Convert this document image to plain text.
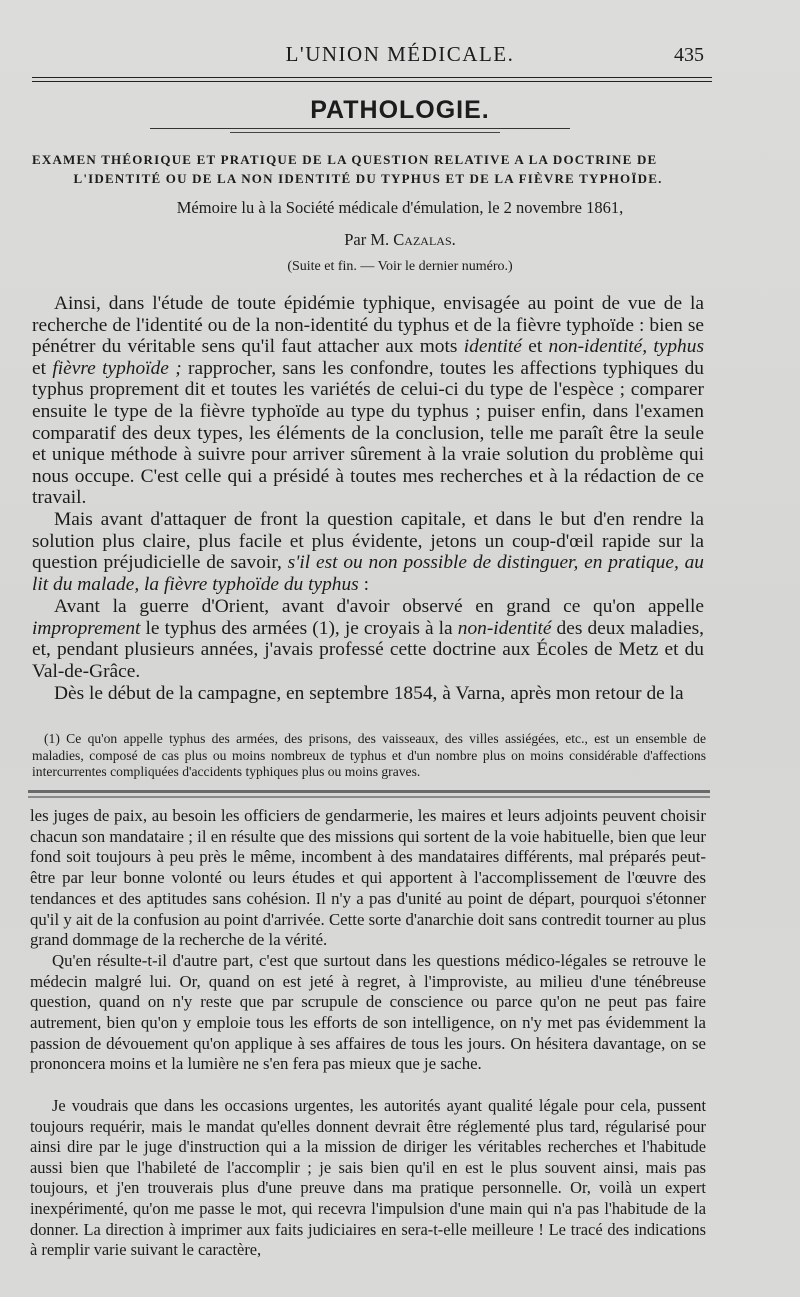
L'UNION MÉDICALE.	435
PATHOLOGIE.
EXAMEN THÉORIQUE ET PRATIQUE DE LA QUESTION RELATIVE A LA DOCTRINE DE
L'IDENTITÉ OU DE LA NON IDENTITÉ DU TYPHUS ET DE LA FIÈVRE TYPHOÏDE.
Mémoire lu à la Société médicale d'émulation, le 2 novembre 1861,
Par M. Cazalas.
(Suite et fin. — Voir le dernier numéro.)

Ainsi, dans l'étude de toute épidémie typhique, envisagée au point de vue de la recherche de l'identité ou de la non-identité du typhus et de la fièvre typhoïde : bien se pénétrer du véritable sens qu'il faut attacher aux mots identité et non-identité, typhus et fièvre typhoïde ; rapprocher, sans les confondre, toutes les affections typhiques du typhus proprement dit et toutes les variétés de celui-ci du type de l'espèce ; comparer ensuite le type de la fièvre typhoïde au type du typhus ; puiser enfin, dans l'examen comparatif des deux types, les éléments de la conclusion, telle me paraît être la seule et unique méthode à suivre pour arriver sûrement à la vraie solution du problème qui nous occupe. C'est celle qui a présidé à toutes mes recherches et à la rédaction de ce travail.

Mais avant d'attaquer de front la question capitale, et dans le but d'en rendre la solution plus claire, plus facile et plus évidente, jetons un coup-d'œil rapide sur la question préjudicielle de savoir, s'il est ou non possible de distinguer, en pratique, au lit du malade, la fièvre typhoïde du typhus :

Avant la guerre d'Orient, avant d'avoir observé en grand ce qu'on appelle improprement le typhus des armées (1), je croyais à la non-identité des deux maladies, et, pendant plusieurs années, j'avais professé cette doctrine aux Écoles de Metz et du Val-de-Grâce.

Dès le début de la campagne, en septembre 1854, à Varna, après mon retour de la

(1) Ce qu'on appelle typhus des armées, des prisons, des vaisseaux, des villes assiégées, etc., est un ensemble de maladies, composé de cas plus ou moins nombreux de typhus et d'un nombre plus on moins considérable d'affections intercurrentes compliquées d'accidents typhiques plus ou moins graves.

les juges de paix, au besoin les officiers de gendarmerie, les maires et leurs adjoints peuvent choisir chacun son mandataire ; il en résulte que des missions qui sortent de la voie habituelle, bien que leur fond soit toujours à peu près le même, incombent à des mandataires différents, mal préparés peut-être par leur bonne volonté ou leurs études et qui apportent à l'accomplissement de l'œuvre des tendances et des aptitudes sans cohésion. Il n'y a pas d'unité au point de départ, pourquoi s'étonner qu'il y ait de la confusion au point d'arrivée. Cette sorte d'anarchie doit sans contredit tourner au plus grand dommage de la recherche de la vérité.

Qu'en résulte-t-il d'autre part, c'est que surtout dans les questions médico-légales se retrouve le médecin malgré lui. Or, quand on est jeté à regret, à l'improviste, au milieu d'une ténébreuse question, quand on n'y reste que par scrupule de conscience ou parce qu'on ne peut pas faire autrement, bien qu'on y emploie tous les efforts de son intelligence, on n'y met pas évidemment la passion de dévouement qu'on applique à ses affaires de tous les jours. On hésitera davantage, on se prononcera moins et la lumière ne s'en fera pas mieux que je sache.

Je voudrais que dans les occasions urgentes, les autorités ayant qualité légale pour cela, pussent toujours requérir, mais le mandat qu'elles donnent devrait être réglementé plus tard, régularisé pour ainsi dire par le juge d'instruction qui a la mission de diriger les véritables recherches et l'habitude aussi bien que l'habileté de l'accomplir ; je sais bien qu'il en est le plus souvent ainsi, mais pas toujours, et j'en trouverais plus d'une preuve dans ma pratique personnelle. Or, voilà un expert inexpérimenté, qu'on me passe le mot, qui recevra l'impulsion d'une main qui n'a pas l'habitude de la donner. La direction à imprimer aux faits judiciaires en sera-t-elle meilleure ! Le tracé des indications à remplir varie suivant le caractère,
